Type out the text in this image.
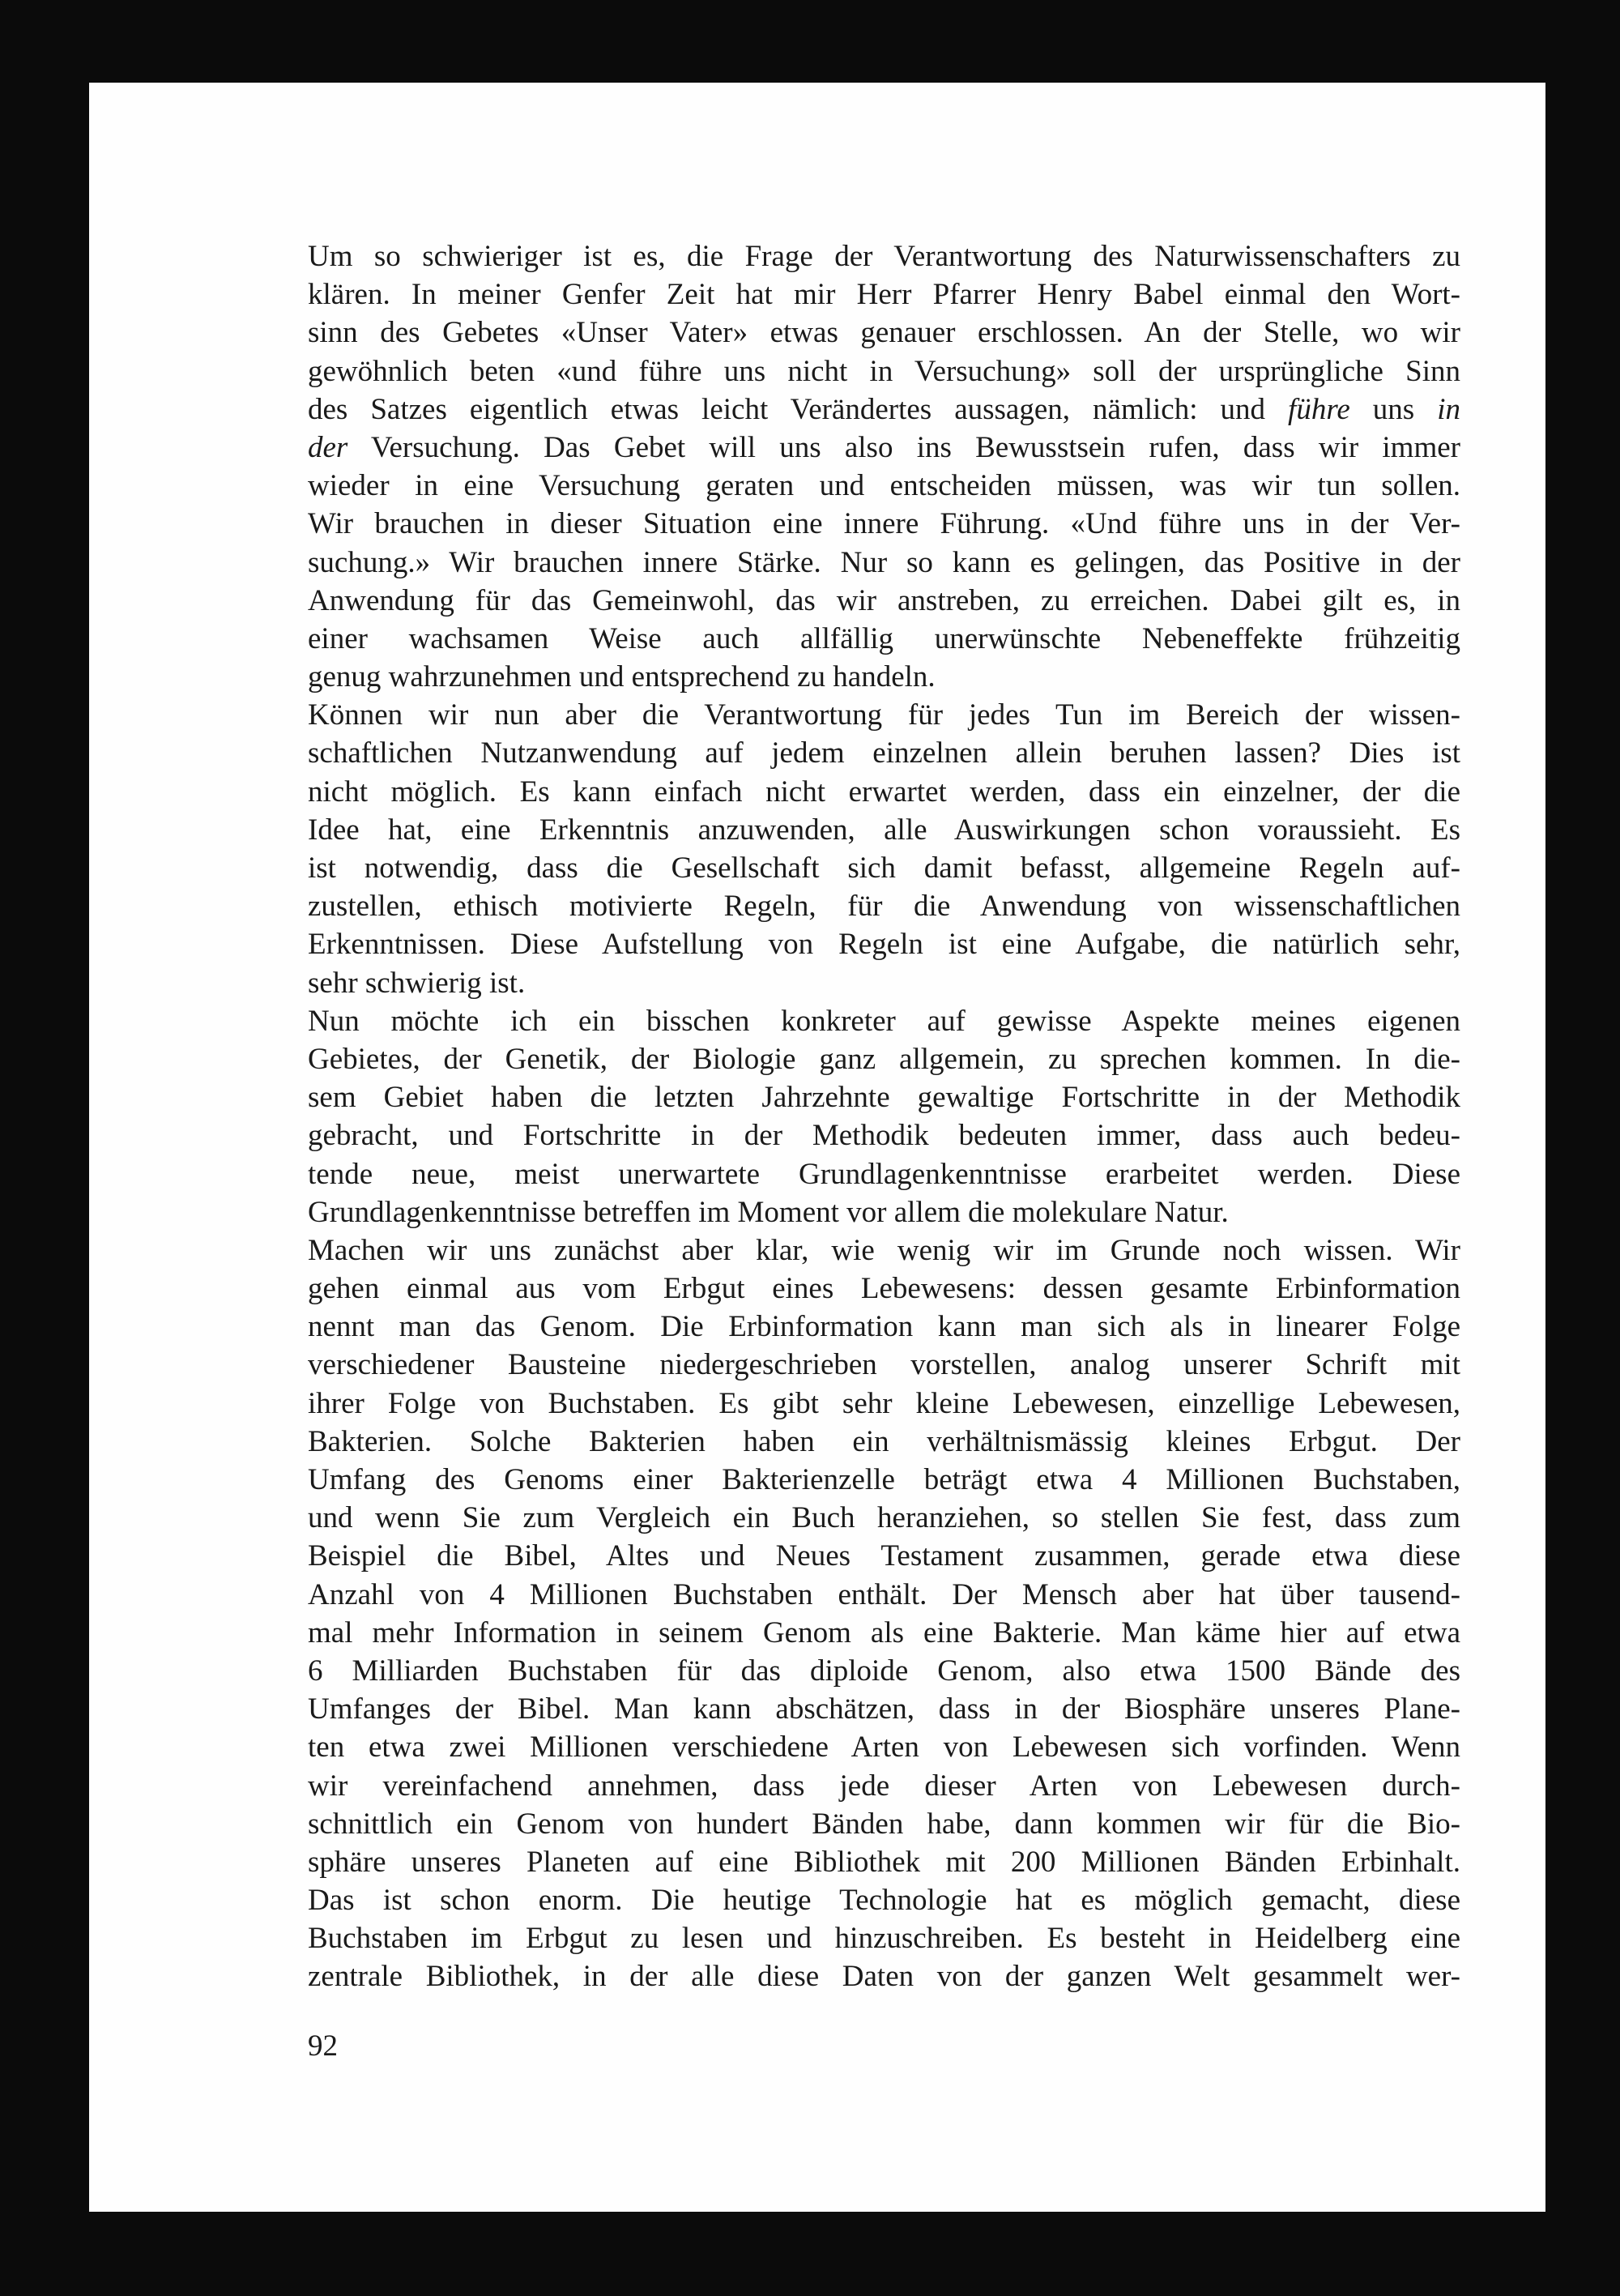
Um so schwieriger ist es, die Frage der Verantwortung des Naturwissenschafters zu
klären. In meiner Genfer Zeit hat mir Herr Pfarrer Henry Babel einmal den Wort-
sinn des Gebetes «Unser Vater» etwas genauer erschlossen. An der Stelle, wo wir
gewöhnlich beten «und führe uns nicht in Versuchung» soll der ursprüngliche Sinn
des Satzes eigentlich etwas leicht Verändertes aussagen, nämlich: und führe uns in
der Versuchung. Das Gebet will uns also ins Bewusstsein rufen, dass wir immer
wieder in eine Versuchung geraten und entscheiden müssen, was wir tun sollen.
Wir brauchen in dieser Situation eine innere Führung. «Und führe uns in der Ver-
suchung.» Wir brauchen innere Stärke. Nur so kann es gelingen, das Positive in der
Anwendung für das Gemeinwohl, das wir anstreben, zu erreichen. Dabei gilt es, in
einer wachsamen Weise auch allfällig unerwünschte Nebeneffekte frühzeitig
genug wahrzunehmen und entsprechend zu handeln.
Können wir nun aber die Verantwortung für jedes Tun im Bereich der wissen-
schaftlichen Nutzanwendung auf jedem einzelnen allein beruhen lassen? Dies ist
nicht möglich. Es kann einfach nicht erwartet werden, dass ein einzelner, der die
Idee hat, eine Erkenntnis anzuwenden, alle Auswirkungen schon voraussieht. Es
ist notwendig, dass die Gesellschaft sich damit befasst, allgemeine Regeln auf-
zustellen, ethisch motivierte Regeln, für die Anwendung von wissenschaftlichen
Erkenntnissen. Diese Aufstellung von Regeln ist eine Aufgabe, die natürlich sehr,
sehr schwierig ist.
Nun möchte ich ein bisschen konkreter auf gewisse Aspekte meines eigenen
Gebietes, der Genetik, der Biologie ganz allgemein, zu sprechen kommen. In die-
sem Gebiet haben die letzten Jahrzehnte gewaltige Fortschritte in der Methodik
gebracht, und Fortschritte in der Methodik bedeuten immer, dass auch bedeu-
tende neue, meist unerwartete Grundlagenkenntnisse erarbeitet werden. Diese
Grundlagenkenntnisse betreffen im Moment vor allem die molekulare Natur.
Machen wir uns zunächst aber klar, wie wenig wir im Grunde noch wissen. Wir
gehen einmal aus vom Erbgut eines Lebewesens: dessen gesamte Erbinformation
nennt man das Genom. Die Erbinformation kann man sich als in linearer Folge
verschiedener Bausteine niedergeschrieben vorstellen, analog unserer Schrift mit
ihrer Folge von Buchstaben. Es gibt sehr kleine Lebewesen, einzellige Lebewesen,
Bakterien. Solche Bakterien haben ein verhältnismässig kleines Erbgut. Der
Umfang des Genoms einer Bakterienzelle beträgt etwa 4 Millionen Buchstaben,
und wenn Sie zum Vergleich ein Buch heranziehen, so stellen Sie fest, dass zum
Beispiel die Bibel, Altes und Neues Testament zusammen, gerade etwa diese
Anzahl von 4 Millionen Buchstaben enthält. Der Mensch aber hat über tausend-
mal mehr Information in seinem Genom als eine Bakterie. Man käme hier auf etwa
6 Milliarden Buchstaben für das diploide Genom, also etwa 1500 Bände des
Umfanges der Bibel. Man kann abschätzen, dass in der Biosphäre unseres Plane-
ten etwa zwei Millionen verschiedene Arten von Lebewesen sich vorfinden. Wenn
wir vereinfachend annehmen, dass jede dieser Arten von Lebewesen durch-
schnittlich ein Genom von hundert Bänden habe, dann kommen wir für die Bio-
sphäre unseres Planeten auf eine Bibliothek mit 200 Millionen Bänden Erbinhalt.
Das ist schon enorm. Die heutige Technologie hat es möglich gemacht, diese
Buchstaben im Erbgut zu lesen und hinzuschreiben. Es besteht in Heidelberg eine
zentrale Bibliothek, in der alle diese Daten von der ganzen Welt gesammelt wer-
92
